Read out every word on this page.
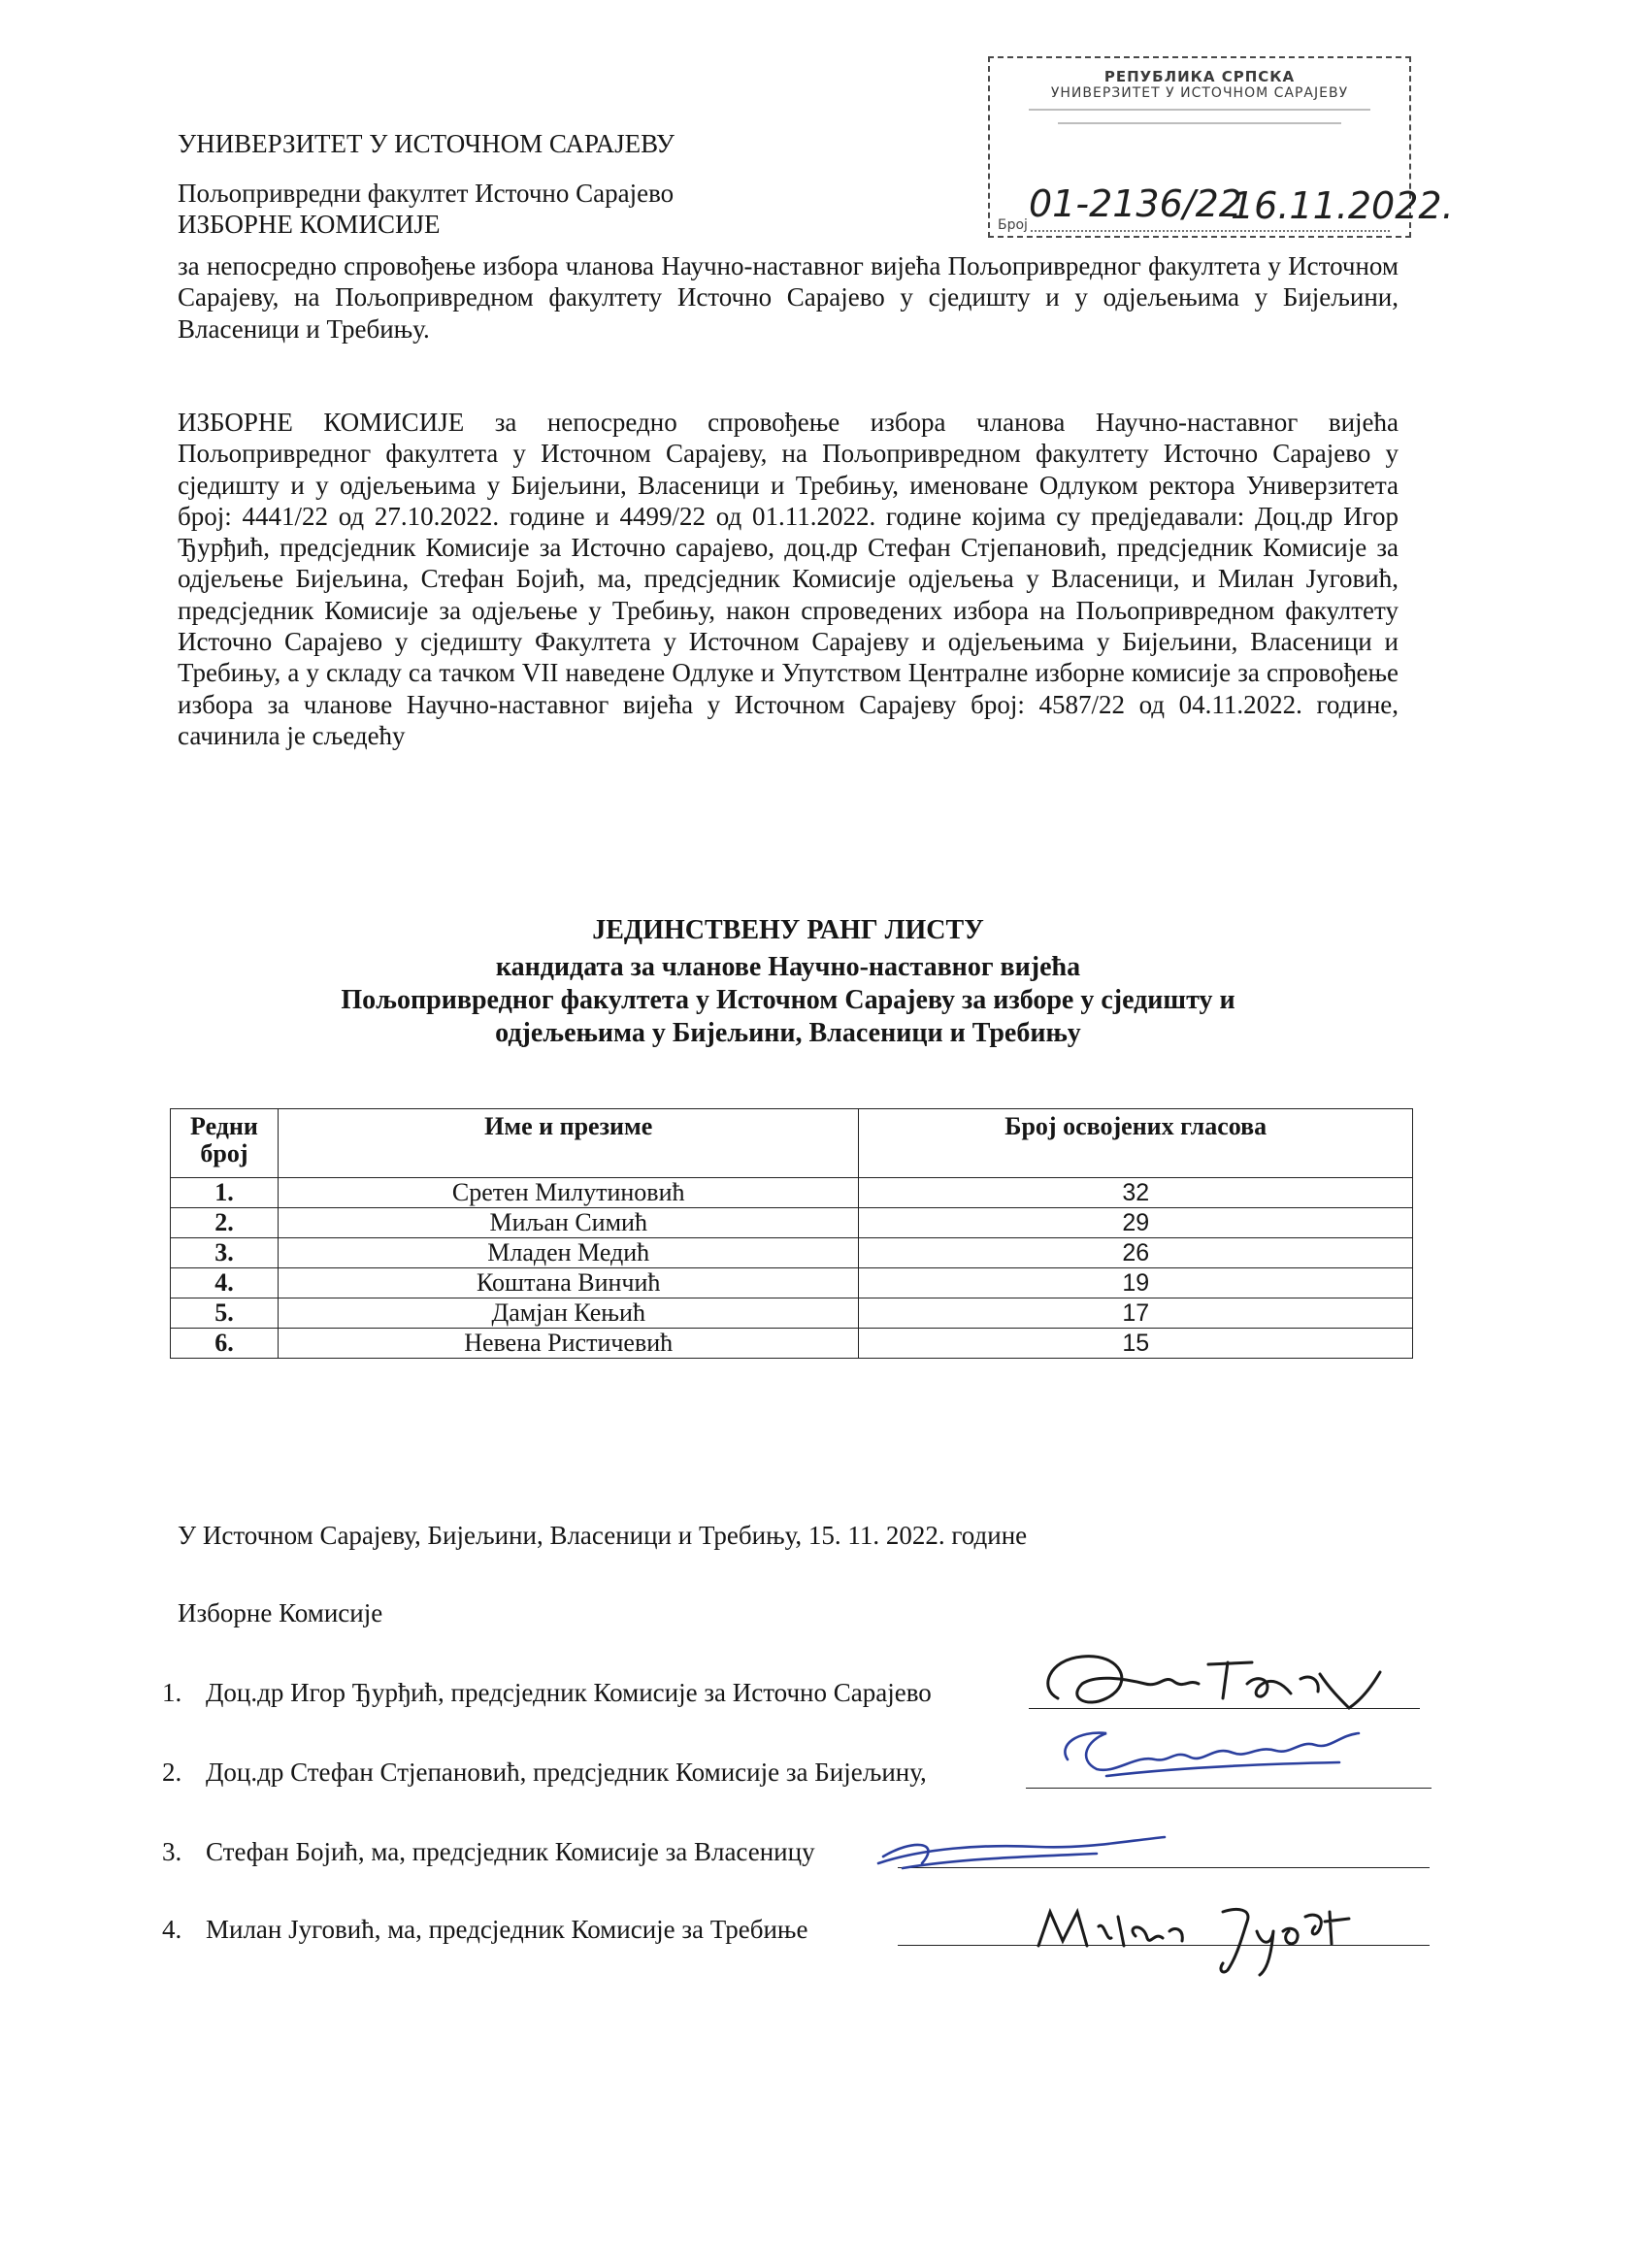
РЕПУБЛИКА СРПСКА
УНИВЕРЗИТЕТ У ИСТОЧНОМ САРАЈЕВУ
Број 01-2136/22
16.11.2022.
УНИВЕРЗИТЕТ У ИСТОЧНОМ САРАЈЕВУ
Пољопривредни факултет Источно Сарајево
ИЗБОРНЕ КОМИСИЈЕ
за непосредно спровођење избора чланова Научно-наставног вијећа Пољопривредног факултета у Источном Сарајеву, на Пољопривредном факултету Источно Сарајево у сједишту и у одјељењима у Бијељини, Власеници и Требињу.
ИЗБОРНЕ КОМИСИЈЕ за непосредно спровођење избора чланова Научно-наставног вијећа Пољопривредног факултета у Источном Сарајеву, на Пољопривредном факултету Источно Сарајево у сједишту и у одјељењима у Бијељини, Власеници и Требињу, именоване Одлуком ректора Универзитета број: 4441/22 од 27.10.2022. године и 4499/22 од 01.11.2022. године којима су предједавали: Доц.др Игор Ђурђић, предсједник Комисије за Источно сарајево, доц.др Стефан Стјепановић, предсједник Комисије за одјељење Бијељина, Стефан Бојић, ма, предсједник Комисије одјељења у Власеници, и Милан Југовић, предсједник Комисије за одјељење у Требињу, након спроведених избора на Пољопривредном факултету Источно Сарајево у сједишту Факултета у Источном Сарајеву и одјељењима у Бијељини, Власеници и Требињу, а у складу са тачком VII наведене Одлуке и Упутством Централне изборне комисије за спровођење избора за чланове Научно-наставног вијећа у Источном Сарајеву број: 4587/22 од 04.11.2022. године, сачинила је сљедећу
ЈЕДИНСТВЕНУ РАНГ ЛИСТУ
кандидата за чланове Научно-наставног вијећа
Пољопривредног факултета у Источном Сарајеву за изборе у сједишту и
одјељењима у Бијељини, Власеници и Требињу
Редни број	Име и презиме	Број освојених гласова
1.	Сретен Милутиновић	32
2.	Миљан Симић	29
3.	Младен Медић	26
4.	Коштана Винчић	19
5.	Дамјан Кењић	17
6.	Невена Ристичевић	15
У Источном Сарајеву, Бијељини, Власеници и Требињу, 15. 11. 2022. године
Изборне Комисије
1. Доц.др Игор Ђурђић, предсједник Комисије за Источно Сарајево
2. Доц.др Стефан Стјепановић, предсједник Комисије за Бијељину,
3. Стефан Бојић, ма, предсједник Комисије за Власеницу
4. Милан Југовић, ма, предсједник Комисије за Требиње
